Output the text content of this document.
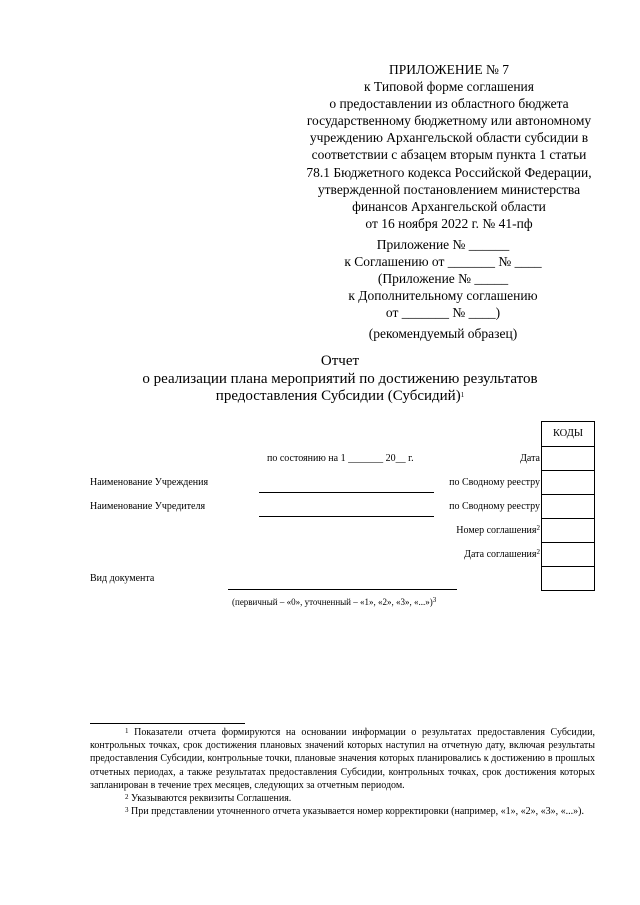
ПРИЛОЖЕНИЕ № 7
к Типовой форме соглашения
о предоставлении из областного бюджета
государственному бюджетному или автономному
учреждению Архангельской области субсидии в
соответствии с абзацем вторым пункта 1 статьи
78.1 Бюджетного кодекса Российской Федерации,
утвержденной постановлением министерства
финансов Архангельской области
от 16 ноября 2022 г. № 41-пф
Приложение № ______
к Соглашению от _______ № ____
(Приложение № _____
к Дополнительному соглашению
от _______ № ____)
(рекомендуемый образец)
Отчет
о реализации плана мероприятий по достижению результатов
предоставления Субсидии (Субсидий)$^1$
КОДЫ
по состоянию на 1 _______ 20__ г.	Дата
Наименование Учреждения	по Сводному реестру
Наименование Учредителя	по Сводному реестру
Номер соглашения$^2$
Дата соглашения$^2$
Вид документа
(первичный – «0», уточненный – «1», «2», «3», «...»)$^3$

$^1$ Показатели отчета формируются на основании информации о результатах предоставления Субсидии, контрольных точках, срок достижения плановых значений которых наступил на отчетную дату, включая результаты предоставления Субсидии, контрольные точки, плановые значения которых планировались к достижению в прошлых отчетных периодах, а также результатах предоставления Субсидии, контрольных точках, срок достижения которых запланирован в течение трех месяцев, следующих за отчетным периодом.

$^2$ Указываются реквизиты Соглашения.

$^3$ При представлении уточненного отчета указывается номер корректировки (например, «1», «2», «3», «...»).
